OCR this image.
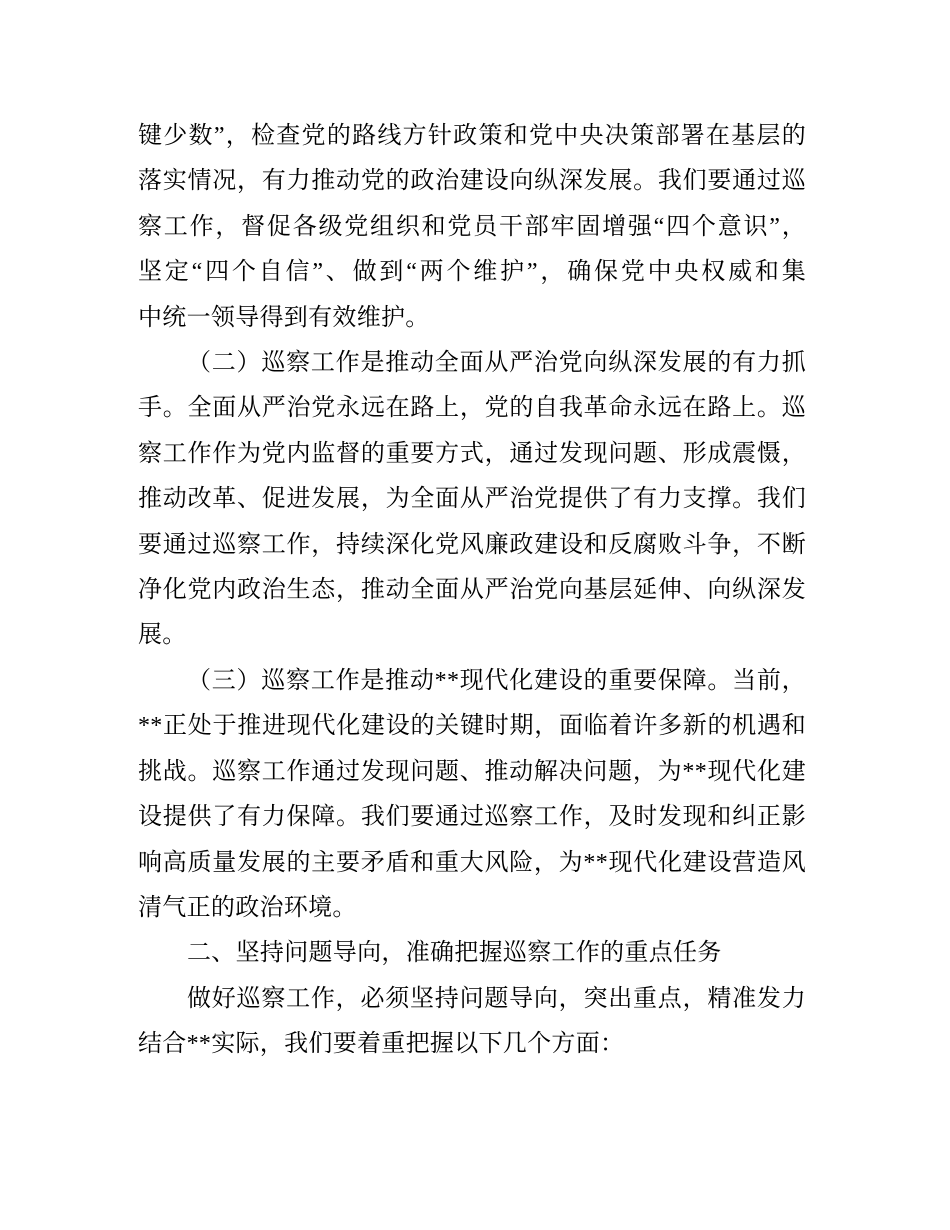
键少数”，检查党的路线方针政策和党中央决策部署在基层的
落实情况，有力推动党的政治建设向纵深发展。我们要通过巡
察工作，督促各级党组织和党员干部牢固增强“四个意识”，
坚定“四个自信”、做到“两个维护”，确保党中央权威和集
中统一领导得到有效维护。
（二）巡察工作是推动全面从严治党向纵深发展的有力抓
手。全面从严治党永远在路上，党的自我革命永远在路上。巡
察工作作为党内监督的重要方式，通过发现问题、形成震慑，
推动改革、促进发展，为全面从严治党提供了有力支撑。我们
要通过巡察工作，持续深化党风廉政建设和反腐败斗争，不断
净化党内政治生态，推动全面从严治党向基层延伸、向纵深发
展。
（三）巡察工作是推动**现代化建设的重要保障。当前，
**正处于推进现代化建设的关键时期，面临着许多新的机遇和
挑战。巡察工作通过发现问题、推动解决问题，为**现代化建
设提供了有力保障。我们要通过巡察工作，及时发现和纠正影
响高质量发展的主要矛盾和重大风险，为**现代化建设营造风
清气正的政治环境。
二、坚持问题导向，准确把握巡察工作的重点任务
做好巡察工作，必须坚持问题导向，突出重点，精准发力
结合**实际，我们要着重把握以下几个方面：
